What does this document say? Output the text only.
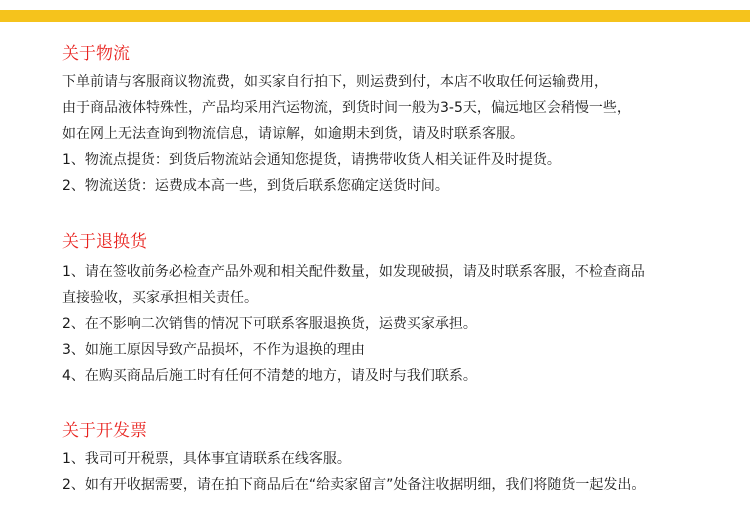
关于物流

下单前请与客服商议物流费，如买家自行拍下，则运费到付，本店不收取任何运输费用，

由于商品液体特殊性，产品均采用汽运物流，到货时间一般为3-5天，偏远地区会稍慢一些，

如在网上无法查询到物流信息，请谅解，如逾期未到货，请及时联系客服。

1、物流点提货：到货后物流站会通知您提货，请携带收货人相关证件及时提货。

2、物流送货：运费成本高一些，到货后联系您确定送货时间。

关于退换货

1、请在签收前务必检查产品外观和相关配件数量，如发现破损，请及时联系客服，不检查商品

直接验收，买家承担相关责任。

2、在不影响二次销售的情况下可联系客服退换货，运费买家承担。

3、如施工原因导致产品损坏，不作为退换的理由

4、在购买商品后施工时有任何不清楚的地方，请及时与我们联系。

关于开发票

1、我司可开税票，具体事宜请联系在线客服。

2、如有开收据需要，请在拍下商品后在“给卖家留言”处备注收据明细，我们将随货一起发出。
